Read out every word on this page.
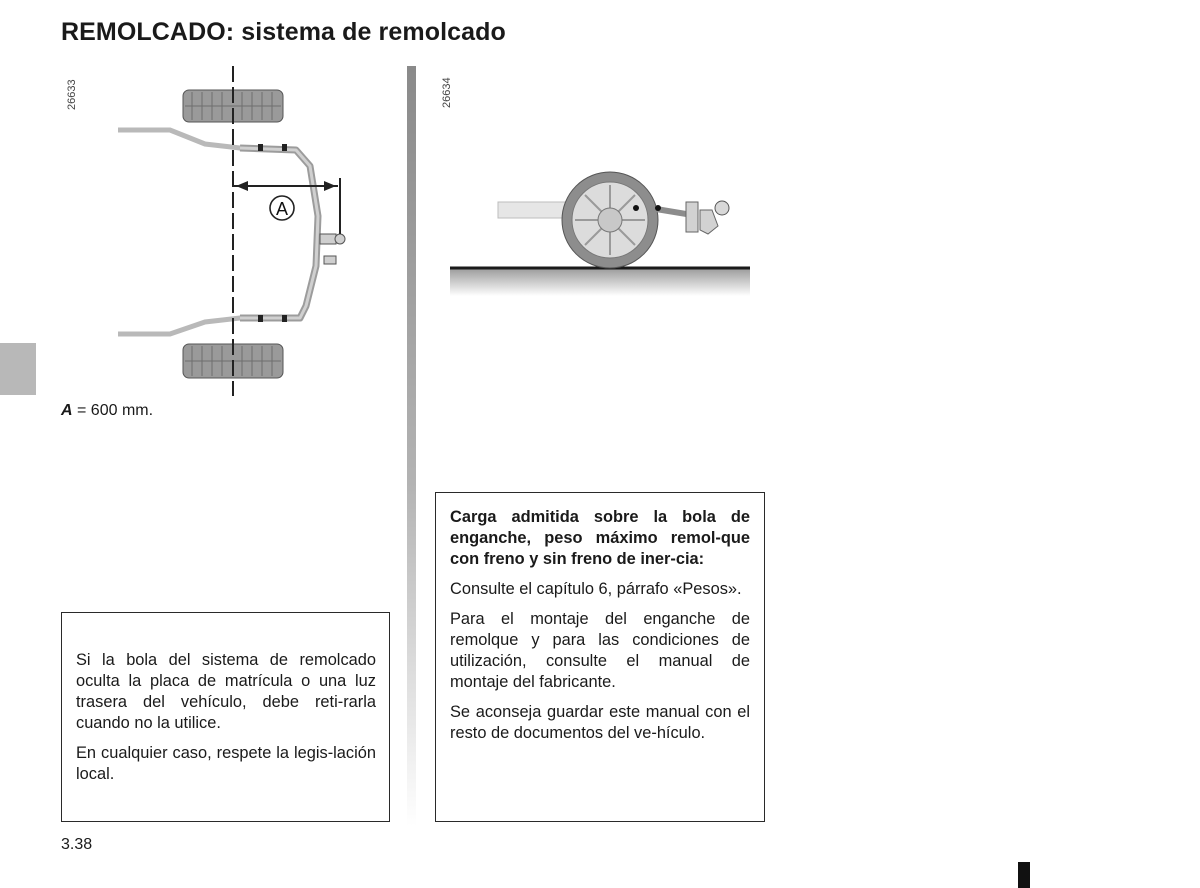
REMOLCADO: sistema de remolcado
26633
A
A = 600 mm.
26634

Si la bola del sistema de remolcado oculta la placa de matrícula o una luz trasera del vehículo, debe reti-rarla cuando no la utilice.

En cualquier caso, respete la legis-lación local.

Carga admitida sobre la bola de enganche, peso máximo remol-que con freno y sin freno de iner-cia:

Consulte el capítulo 6, párrafo «Pesos».

Para el montaje del enganche de remolque y para las condiciones de utilización, consulte el manual de montaje del fabricante.

Se aconseja guardar este manual con el resto de documentos del ve-hículo.

3.38
